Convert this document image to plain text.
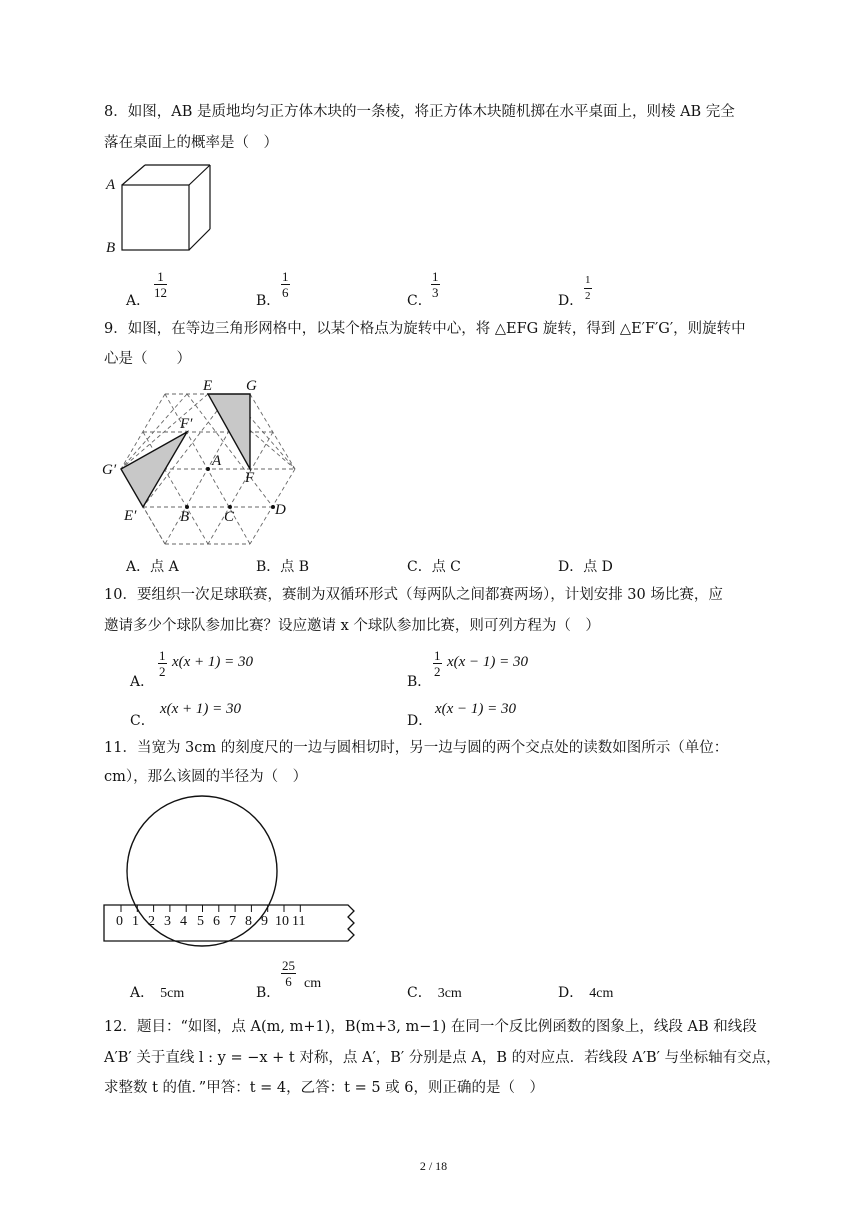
8．如图，AB 是质地均匀正方体木块的一条棱，将正方体木块随机掷在水平桌面上，则棱 AB 完全
落在桌面上的概率是（　）
A
B
A．
$\frac{1}{12}$
B．
$\frac{1}{6}$
C．
$\frac{1}{3}$
D． $\frac{1}{2}$
9．如图，在等边三角形网格中，以某个格点为旋转中心，将 △EFG 旋转，得到 △E′F′G′，则旋转中
心是（　　）
E G
F′
G′
A
F
E′	B C	D
A．点 A	B．点 B	C．点 C	D．点 D
10．要组织一次足球联赛，赛制为双循环形式（每两队之间都赛两场），计划安排 30 场比赛，应
邀请多少个球队参加比赛？设应邀请 x 个球队参加比赛，则可列方程为（　）
A．
$\frac{1}{2} x(x + 1) = 30$
B．
$\frac{1}{2} x(x - 1) = 30$
C．
x(x + 1) = 30
D．
x(x − 1) = 30
11．当宽为 3cm 的刻度尺的一边与圆相切时，另一边与圆的两个交点处的读数如图所示（单位：
cm），那么该圆的半径为（　）
0 1 2 3 4 5 6 7 8 9 10 11
A． 5cm	B．
$\frac{25}{6}$ cm
C． 3cm	D． 4cm
12．题目：“如图，点 A(m, m+1)，B(m+3, m−1) 在同一个反比例函数的图象上，线段 AB 和线段
A′B′ 关于直线 l : y = −x + t 对称，点 A′，B′ 分别是点 A，B 的对应点．若线段 A′B′ 与坐标轴有交点，
求整数 t 的值．”甲答：t = 4，乙答：t = 5 或 6，则正确的是（　）
2 / 18
